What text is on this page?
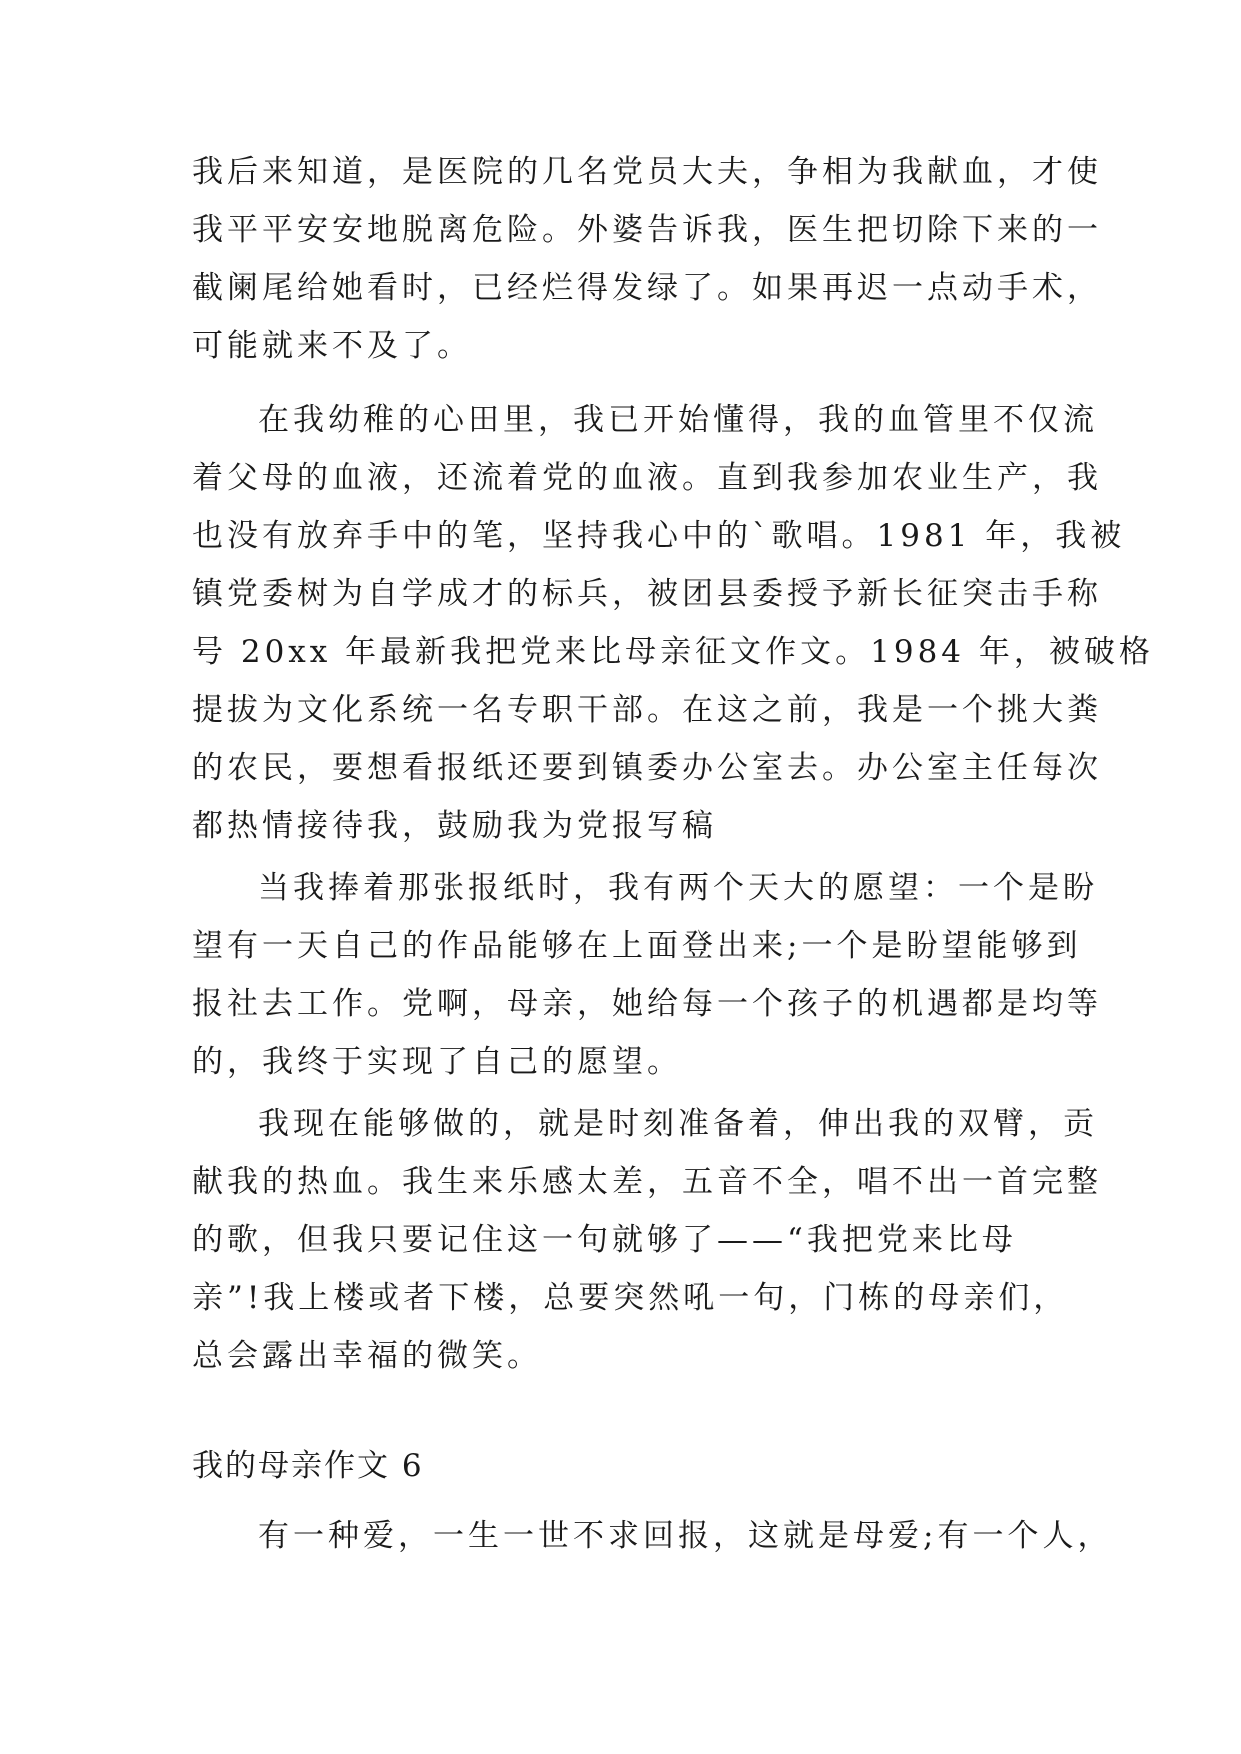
我后来知道，是医院的几名党员大夫，争相为我献血，才使
我平平安安地脱离危险。外婆告诉我，医生把切除下来的一
截阑尾给她看时，已经烂得发绿了。如果再迟一点动手术，
可能就来不及了。
在我幼稚的心田里，我已开始懂得，我的血管里不仅流
着父母的血液，还流着党的血液。直到我参加农业生产，我
也没有放弃手中的笔，坚持我心中的`歌唱。1981 年，我被
镇党委树为自学成才的标兵，被团县委授予新长征突击手称
号 20xx 年最新我把党来比母亲征文作文。1984 年，被破格
提拔为文化系统一名专职干部。在这之前，我是一个挑大粪
的农民，要想看报纸还要到镇委办公室去。办公室主任每次
都热情接待我，鼓励我为党报写稿
当我捧着那张报纸时，我有两个天大的愿望：一个是盼
望有一天自己的作品能够在上面登出来;一个是盼望能够到
报社去工作。党啊，母亲，她给每一个孩子的机遇都是均等
的，我终于实现了自己的愿望。
我现在能够做的，就是时刻准备着，伸出我的双臂，贡
献我的热血。我生来乐感太差，五音不全，唱不出一首完整
的歌，但我只要记住这一句就够了——“我把党来比母
亲”!我上楼或者下楼，总要突然吼一句，门栋的母亲们，
总会露出幸福的微笑。
我的母亲作文 6
有一种爱，一生一世不求回报，这就是母爱;有一个人，
